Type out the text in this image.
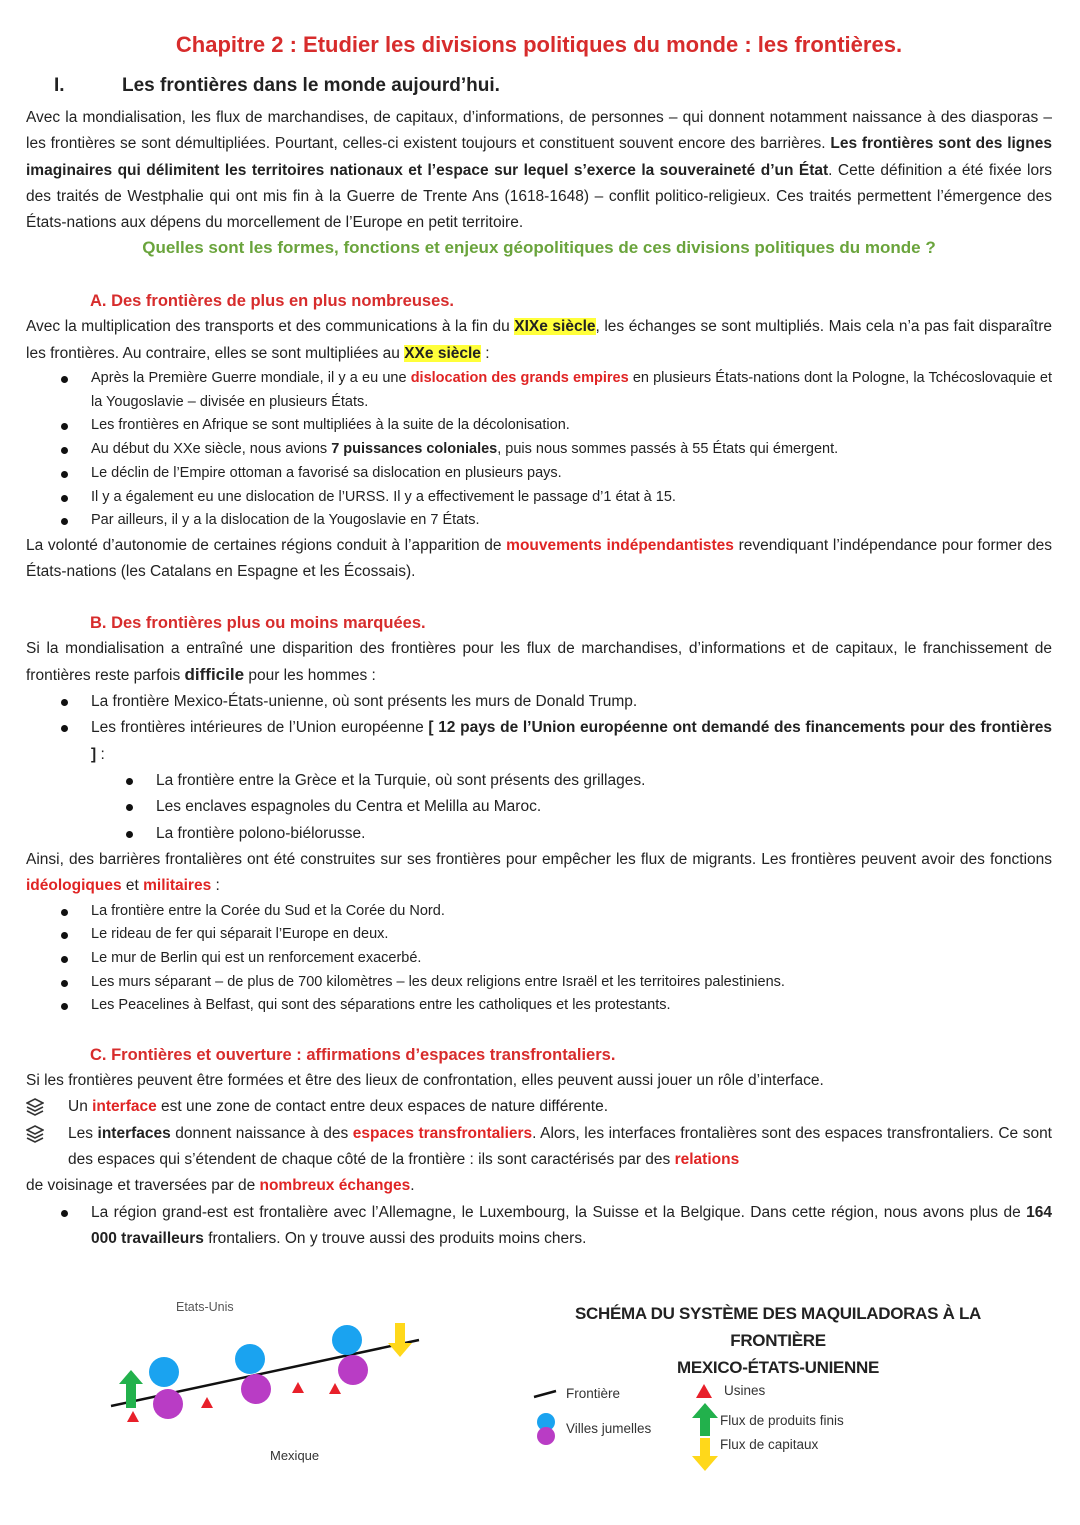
Chapitre 2 : Etudier les divisions politiques du monde : les frontières.
I.	Les frontières dans le monde aujourd’hui.

Avec la mondialisation, les flux de marchandises, de capitaux, d’informations, de personnes – qui donnent notamment naissance à des diasporas – les frontières se sont démultipliées. Pourtant, celles-ci existent toujours et constituent souvent encore des barrières. Les frontières sont des lignes imaginaires qui délimitent les territoires nationaux et l’espace sur lequel s’exerce la souveraineté d’un État. Cette définition a été fixée lors des traités de Westphalie qui ont mis fin à la Guerre de Trente Ans (1618-1648) – conflit politico-religieux. Ces traités permettent l’émergence des États-nations aux dépens du morcellement de l’Europe en petit territoire.

Quelles sont les formes, fonctions et enjeux géopolitiques de ces divisions politiques du monde ?
A. Des frontières de plus en plus nombreuses.

Avec la multiplication des transports et des communications à la fin du XIXe siècle, les échanges se sont multipliés. Mais cela n’a pas fait disparaître les frontières. Au contraire, elles se sont multipliées au XXe siècle :

Après la Première Guerre mondiale, il y a eu une dislocation des grands empires en plusieurs États-nations dont la Pologne, la Tchécoslovaquie et la Yougoslavie – divisée en plusieurs États.
Les frontières en Afrique se sont multipliées à la suite de la décolonisation.
Au début du XXe siècle, nous avions 7 puissances coloniales, puis nous sommes passés à 55 États qui émergent.
Le déclin de l’Empire ottoman a favorisé sa dislocation en plusieurs pays.
Il y a également eu une dislocation de l’URSS. Il y a effectivement le passage d’1 état à 15.
Par ailleurs, il y a la dislocation de la Yougoslavie en 7 États.

La volonté d’autonomie de certaines régions conduit à l’apparition de mouvements indépendantistes revendiquant l’indépendance pour former des États-nations (les Catalans en Espagne et les Écossais).

B. Des frontières plus ou moins marquées.

Si la mondialisation a entraîné une disparition des frontières pour les flux de marchandises, d’informations et de capitaux, le franchissement de frontières reste parfois difficile pour les hommes :

La frontière Mexico-États-unienne, où sont présents les murs de Donald Trump.
Les frontières intérieures de l’Union européenne [ 12 pays de l’Union européenne ont demandé des financements pour des frontières ] :
La frontière entre la Grèce et la Turquie, où sont présents des grillages.
Les enclaves espagnoles du Centra et Melilla au Maroc.
La frontière polono-biélorusse.

Ainsi, des barrières frontalières ont été construites sur ses frontières pour empêcher les flux de migrants. Les frontières peuvent avoir des fonctions idéologiques et militaires :

La frontière entre la Corée du Sud et la Corée du Nord.
Le rideau de fer qui séparait l’Europe en deux.
Le mur de Berlin qui est un renforcement exacerbé.
Les murs séparant – de plus de 700 kilomètres – les deux religions entre Israël et les territoires palestiniens.
Les Peacelines à Belfast, qui sont des séparations entre les catholiques et les protestants.
C. Frontières et ouverture : affirmations d’espaces transfrontaliers.

Si les frontières peuvent être formées et être des lieux de confrontation, elles peuvent aussi jouer un rôle d’interface.

Un interface est une zone de contact entre deux espaces de nature différente.
Les interfaces donnent naissance à des espaces transfrontaliers. Alors, les interfaces frontalières sont des espaces transfrontaliers. Ce sont des espaces qui s’étendent de chaque côté de la frontière : ils sont caractérisés par des relations

de voisinage et traversées par de nombreux échanges.

La région grand-est est frontalière avec l’Allemagne, le Luxembourg, la Suisse et la Belgique. Dans cette région, nous avons plus de 164 000 travailleurs frontaliers. On y trouve aussi des produits moins chers.
Etats-Unis
Mexique
SCHÉMA DU SYSTÈME DES MAQUILADORAS À LA FRONTIÈRE
MEXICO-ÉTATS-UNIENNE
Frontière
Villes jumelles
Usines
Flux de produits finis
Flux de capitaux
